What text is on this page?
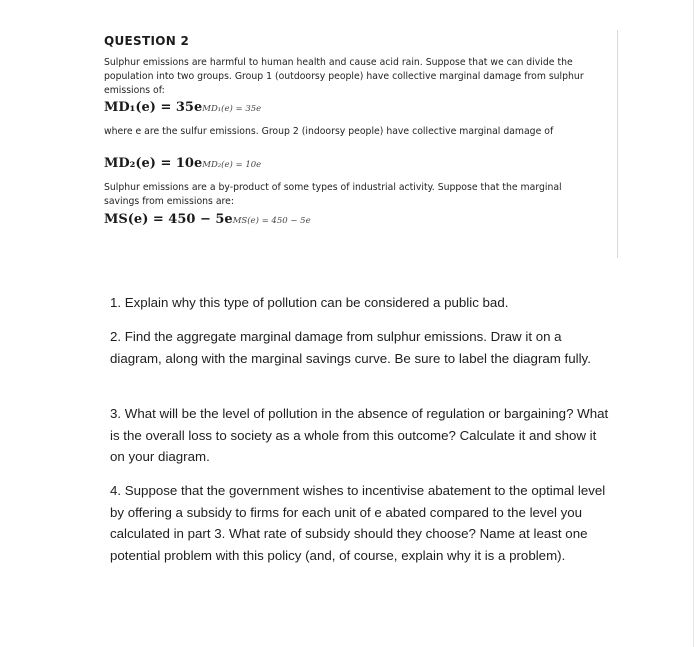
QUESTION 2

Sulphur emissions are harmful to human health and cause acid rain. Suppose that we can divide the population into two groups. Group 1 (outdoorsy people) have collective marginal damage from sulphur emissions of:

MD₁(e) = 35eMD₁(e) = 35e

where e are the sulfur emissions. Group 2 (indoorsy people) have collective marginal damage of

MD₂(e) = 10eMD₂(e) = 10e

Sulphur emissions are a by-product of some types of industrial activity. Suppose that the marginal savings from emissions are:

MS(e) = 450 − 5eMS(e) = 450 − 5e

1. Explain why this type of pollution can be considered a public bad.

2. Find the aggregate marginal damage from sulphur emissions. Draw it on a diagram, along with the marginal savings curve. Be sure to label the diagram fully.

3. What will be the level of pollution in the absence of regulation or bargaining? What is the overall loss to society as a whole from this outcome? Calculate it and show it on your diagram.

4. Suppose that the government wishes to incentivise abatement to the optimal level by offering a subsidy to firms for each unit of e abated compared to the level you calculated in part 3. What rate of subsidy should they choose? Name at least one potential problem with this policy (and, of course, explain why it is a problem).
